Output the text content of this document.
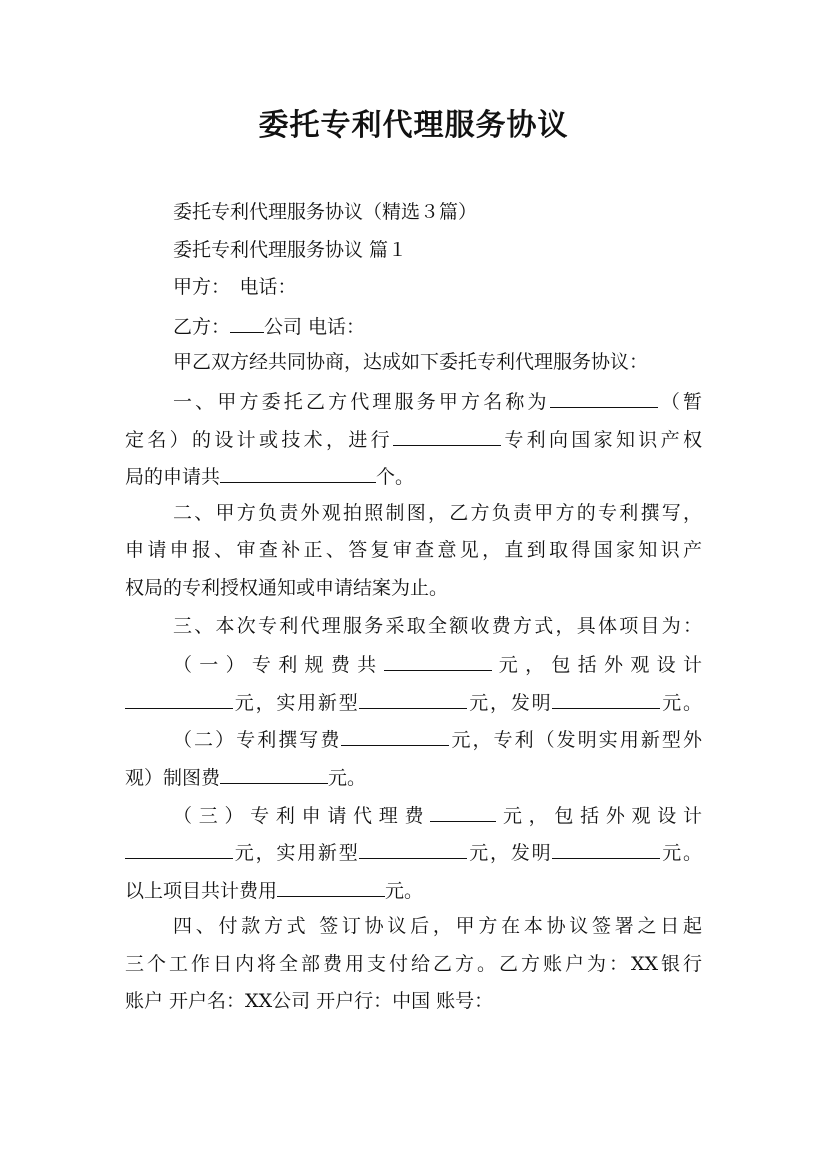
委托专利代理服务协议

委托专利代理服务协议（精选３篇）

委托专利代理服务协议 篇１

甲方：　电话：

乙方： 公司 电话：

甲乙双方经共同协商，达成如下委托专利代理服务协议：

一、甲方委托乙方代理服务甲方名称为	（暂

定名）的设计或技术，进行	专利向国家知识产权

局的申请共	个。

二、甲方负责外观拍照制图，乙方负责甲方的专利撰写，

申请申报、审查补正、答复审查意见，直到取得国家知识产

权局的专利授权通知或申请结案为止。

三、本次专利代理服务采取全额收费方式，具体项目为：

（一）专利规费共	元，包括外观设计

元，实用新型	元，发明	元。

（二）专利撰写费	元，专利（发明实用新型外

观）制图费	元。

（三）专利申请代理费	元，包括外观设计

元，实用新型	元，发明	元。

以上项目共计费用	元。

四、付款方式 签订协议后，甲方在本协议签署之日起

三个工作日内将全部费用支付给乙方。乙方账户为：XX银行

账户 开户名：XX公司 开户行：中国 账号：
